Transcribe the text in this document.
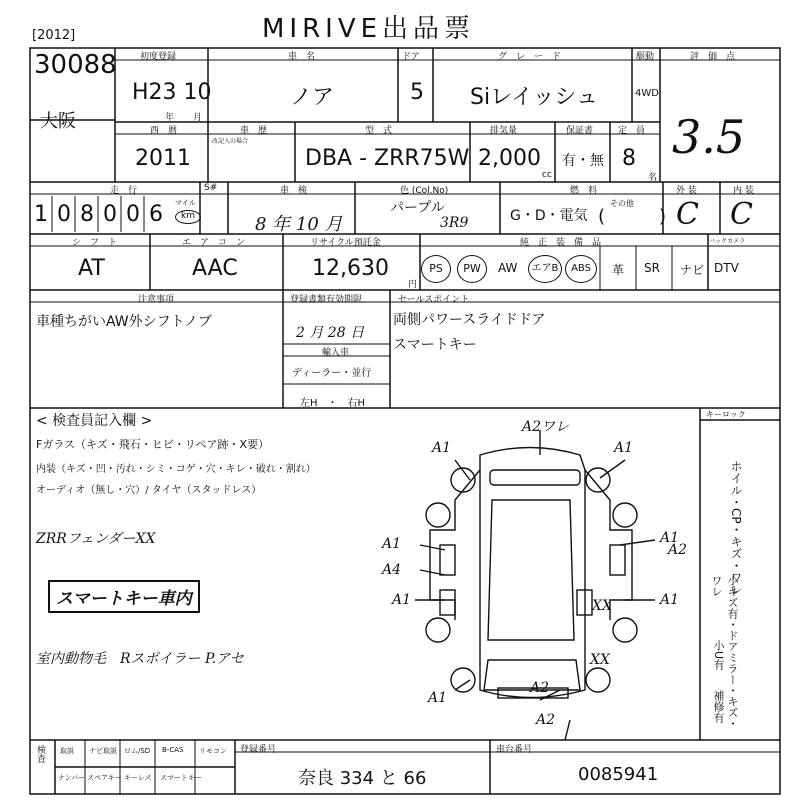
[2012]
30088
大阪
MIRIVE出品票
初度登録
H23 10
年 月
車　名
ノア
ドア
5
グ　レ　ー　ド
Siレイッシュ
駆動
4WD
評　価　点
3.5
西　暦
2011
車　歴
改記入の場合
型　式
DBA - ZRR75W
排気量
2,000
cc
保証書
有・無
定　員
8
名
走　行
1 0 8 0 0 6 マイル
km
S#	車　検
8 年 10 月
色 (Col.No)
パープル
3R9
燃　料
G・D・電気
その他
(　　　)
外 装
C
内 装
C
シ　フ　ト
AT
エ　ア　コ　ン
AAC
リサイクル預託金
12,630
円
純　正　装　備　品	バックカメラ
PS	PW	AW	エアB	ABS	革 SR ナビ DTV
注意事項
車種ちがいAW外シフトノブ
登録書類有効期限
2 月 28 日
輸入車
ディーラー・並行
左H　・　右H
セールスポイント
両側パワースライドドア
スマートキー
< 検査員記入欄 >
Fガラス（キズ・飛石・ヒビ・リペア跡・X要）
内装（キズ・凹・汚れ・シミ・コゲ・穴・キレ・破れ・割れ）
オーディオ（無し・穴）/ タイヤ（スタッドレス）
ZRRフェンダーXX
スマートキー車内
室内動物毛　Rスポイラー P.アセ
A2ワレ
A1	A1
A1	A1
A1
A4
A1
A2
A1
A2
A2
XX
XX
キーロック
ホイル・CP・キズ・ワレ
小キズ有・ドアミラー・キズ・ワレ
小U有
補修有
検査 取説 ナビ取説 ロム/SD B-CAS リモコン
ナンバー スペアキー キーレス スマートキー
登録番号
奈良 334 と 66
車台番号
0085941
